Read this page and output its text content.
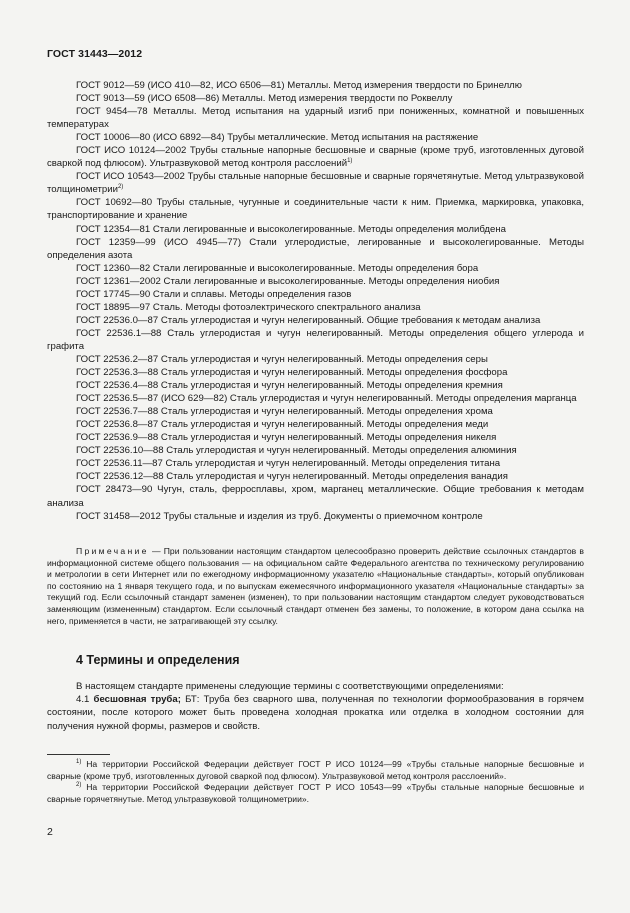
ГОСТ 31443—2012

ГОСТ 9012—59 (ИСО 410—82, ИСО 6506—81) Металлы. Метод измерения твердости по Бринеллю

ГОСТ 9013—59 (ИСО 6508—86) Металлы. Метод измерения твердости по Роквеллу

ГОСТ 9454—78 Металлы. Метод испытания на ударный изгиб при пониженных, комнатной и повышенных температурах

ГОСТ 10006—80 (ИСО 6892—84) Трубы металлические. Метод испытания на растяжение

ГОСТ ИСО 10124—2002 Трубы стальные напорные бесшовные и сварные (кроме труб, изготовленных дуговой сваркой под флюсом). Ультразвуковой метод контроля расслоений$^{1)}$

ГОСТ ИСО 10543—2002 Трубы стальные напорные бесшовные и сварные горячетянутые. Метод ультразвуковой толщинометрии$^{2)}$

ГОСТ 10692—80 Трубы стальные, чугунные и соединительные части к ним. Приемка, маркировка, упаковка, транспортирование и хранение

ГОСТ 12354—81 Стали легированные и высоколегированные. Методы определения молибдена

ГОСТ 12359—99 (ИСО 4945—77) Стали углеродистые, легированные и высоколегированные. Методы определения азота

ГОСТ 12360—82 Стали легированные и высоколегированные. Методы определения бора

ГОСТ 12361—2002 Стали легированные и высоколегированные. Методы определения ниобия

ГОСТ 17745—90 Стали и сплавы. Методы определения газов

ГОСТ 18895—97 Сталь. Методы фотоэлектрического спектрального анализа

ГОСТ 22536.0—87 Сталь углеродистая и чугун нелегированный. Общие требования к методам анализа

ГОСТ 22536.1—88 Сталь углеродистая и чугун нелегированный. Методы определения общего углерода и графита

ГОСТ 22536.2—87 Сталь углеродистая и чугун нелегированный. Методы определения серы

ГОСТ 22536.3—88 Сталь углеродистая и чугун нелегированный. Методы определения фосфора

ГОСТ 22536.4—88 Сталь углеродистая и чугун нелегированный. Методы определения кремния

ГОСТ 22536.5—87 (ИСО 629—82) Сталь углеродистая и чугун нелегированный. Методы определения марганца

ГОСТ 22536.7—88 Сталь углеродистая и чугун нелегированный. Методы определения хрома

ГОСТ 22536.8—87 Сталь углеродистая и чугун нелегированный. Методы определения меди

ГОСТ 22536.9—88 Сталь углеродистая и чугун нелегированный. Методы определения никеля

ГОСТ 22536.10—88 Сталь углеродистая и чугун нелегированный. Методы определения алюминия

ГОСТ 22536.11—87 Сталь углеродистая и чугун нелегированный. Методы определения титана

ГОСТ 22536.12—88 Сталь углеродистая и чугун нелегированный. Методы определения ванадия

ГОСТ 28473—90 Чугун, сталь, ферросплавы, хром, марганец металлические. Общие требования к методам анализа

ГОСТ 31458—2012 Трубы стальные и изделия из труб. Документы о приемочном контроле

Примечание — При пользовании настоящим стандартом целесообразно проверить действие ссылочных стандартов в информационной системе общего пользования — на официальном сайте Федерального агентства по техническому регулированию и метрологии в сети Интернет или по ежегодному информационному указателю «Национальные стандарты», который опубликован по состоянию на 1 января текущего года, и по выпускам ежемесячного информационного указателя «Национальные стандарты» за текущий год. Если ссылочный стандарт заменен (изменен), то при пользовании настоящим стандартом следует руководствоваться заменяющим (измененным) стандартом. Если ссылочный стандарт отменен без замены, то положение, в котором дана ссылка на него, применяется в части, не затрагивающей эту ссылку.

4 Термины и определения

В настоящем стандарте применены следующие термины с соответствующими определениями:

4.1 бесшовная труба; БТ: Труба без сварного шва, полученная по технологии формообразования в горячем состоянии, после которого может быть проведена холодная прокатка или отделка в холодном состоянии для получения нужной формы, размеров и свойств.

$^{1)}$ На территории Российской Федерации действует ГОСТ Р ИСО 10124—99 «Трубы стальные напорные бесшовные и сварные (кроме труб, изготовленных дуговой сваркой под флюсом). Ультразвуковой метод контроля расслоений».

$^{2)}$ На территории Российской Федерации действует ГОСТ Р ИСО 10543—99 «Трубы стальные напорные бесшовные и сварные горячетянутые. Метод ультразвуковой толщинометрии».

2
